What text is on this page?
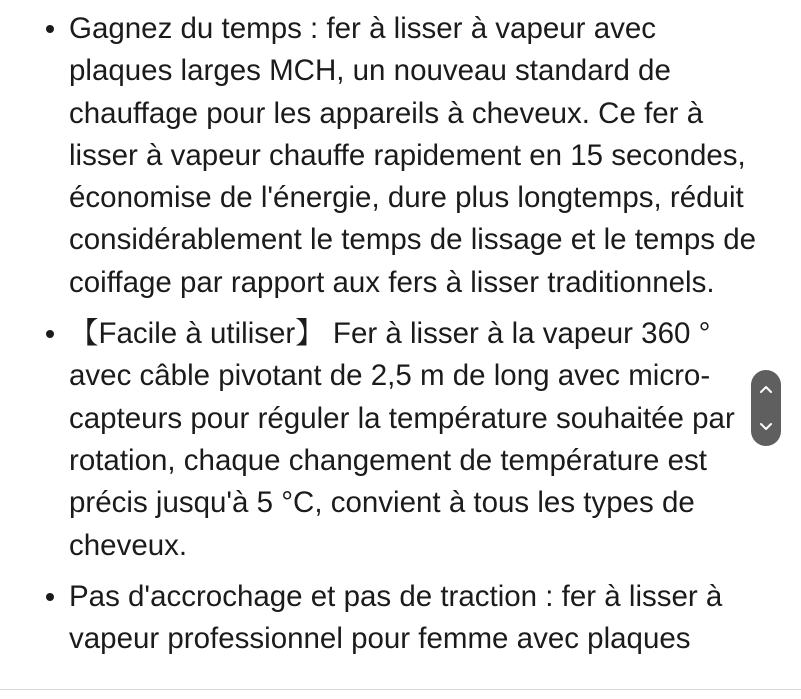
Gagnez du temps : fer à lisser à vapeur avec plaques larges MCH, un nouveau standard de chauffage pour les appareils à cheveux. Ce fer à lisser à vapeur chauffe rapidement en 15 secondes, économise de l'énergie, dure plus longtemps, réduit considérablement le temps de lissage et le temps de coiffage par rapport aux fers à lisser traditionnels.
【Facile à utiliser】 Fer à lisser à la vapeur 360 ° avec câble pivotant de 2,5 m de long avec micro-capteurs pour réguler la température souhaitée par rotation, chaque changement de température est précis jusqu'à 5 °C, convient à tous les types de cheveux.
Pas d'accrochage et pas de traction : fer à lisser à vapeur professionnel pour femme avec plaques
